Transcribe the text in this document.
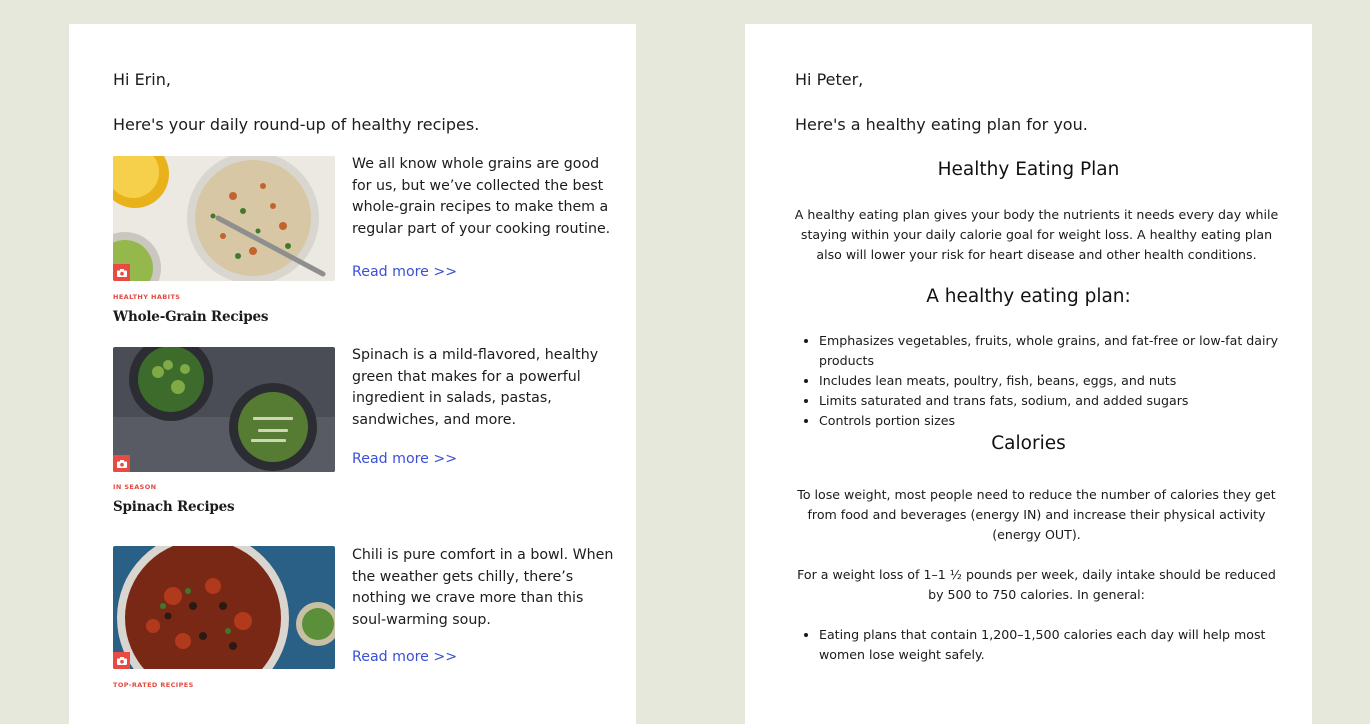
Hi Erin,
Here's your daily round-up of healthy recipes.
HEALTHY HABITS
Whole-Grain Recipes
We all know whole grains are good for us, but we’ve collected the best whole-grain recipes to make them a regular part of your cooking routine.
Read more >>
IN SEASON
Spinach Recipes
Spinach is a mild-flavored, healthy green that makes for a powerful ingredient in salads, pastas, sandwiches, and more.
Read more >>
TOP-RATED RECIPES
Chili is pure comfort in a bowl. When the weather gets chilly, there’s nothing we crave more than this soul-warming soup.
Read more >>
Hi Peter,
Here's a healthy eating plan for you.
Healthy Eating Plan
A healthy eating plan gives your body the nutrients it needs every day while staying within your daily calorie goal for weight loss. A healthy eating plan also will lower your risk for heart disease and other health conditions.
A healthy eating plan:
• Emphasizes vegetables, fruits, whole grains, and fat-free or low-fat dairy products
• Includes lean meats, poultry, fish, beans, eggs, and nuts
• Limits saturated and trans fats, sodium, and added sugars
• Controls portion sizes
Calories
To lose weight, most people need to reduce the number of calories they get from food and beverages (energy IN) and increase their physical activity (energy OUT).
For a weight loss of 1–1 ½ pounds per week, daily intake should be reduced by 500 to 750 calories. In general:
• Eating plans that contain 1,200–1,500 calories each day will help most women lose weight safely.
